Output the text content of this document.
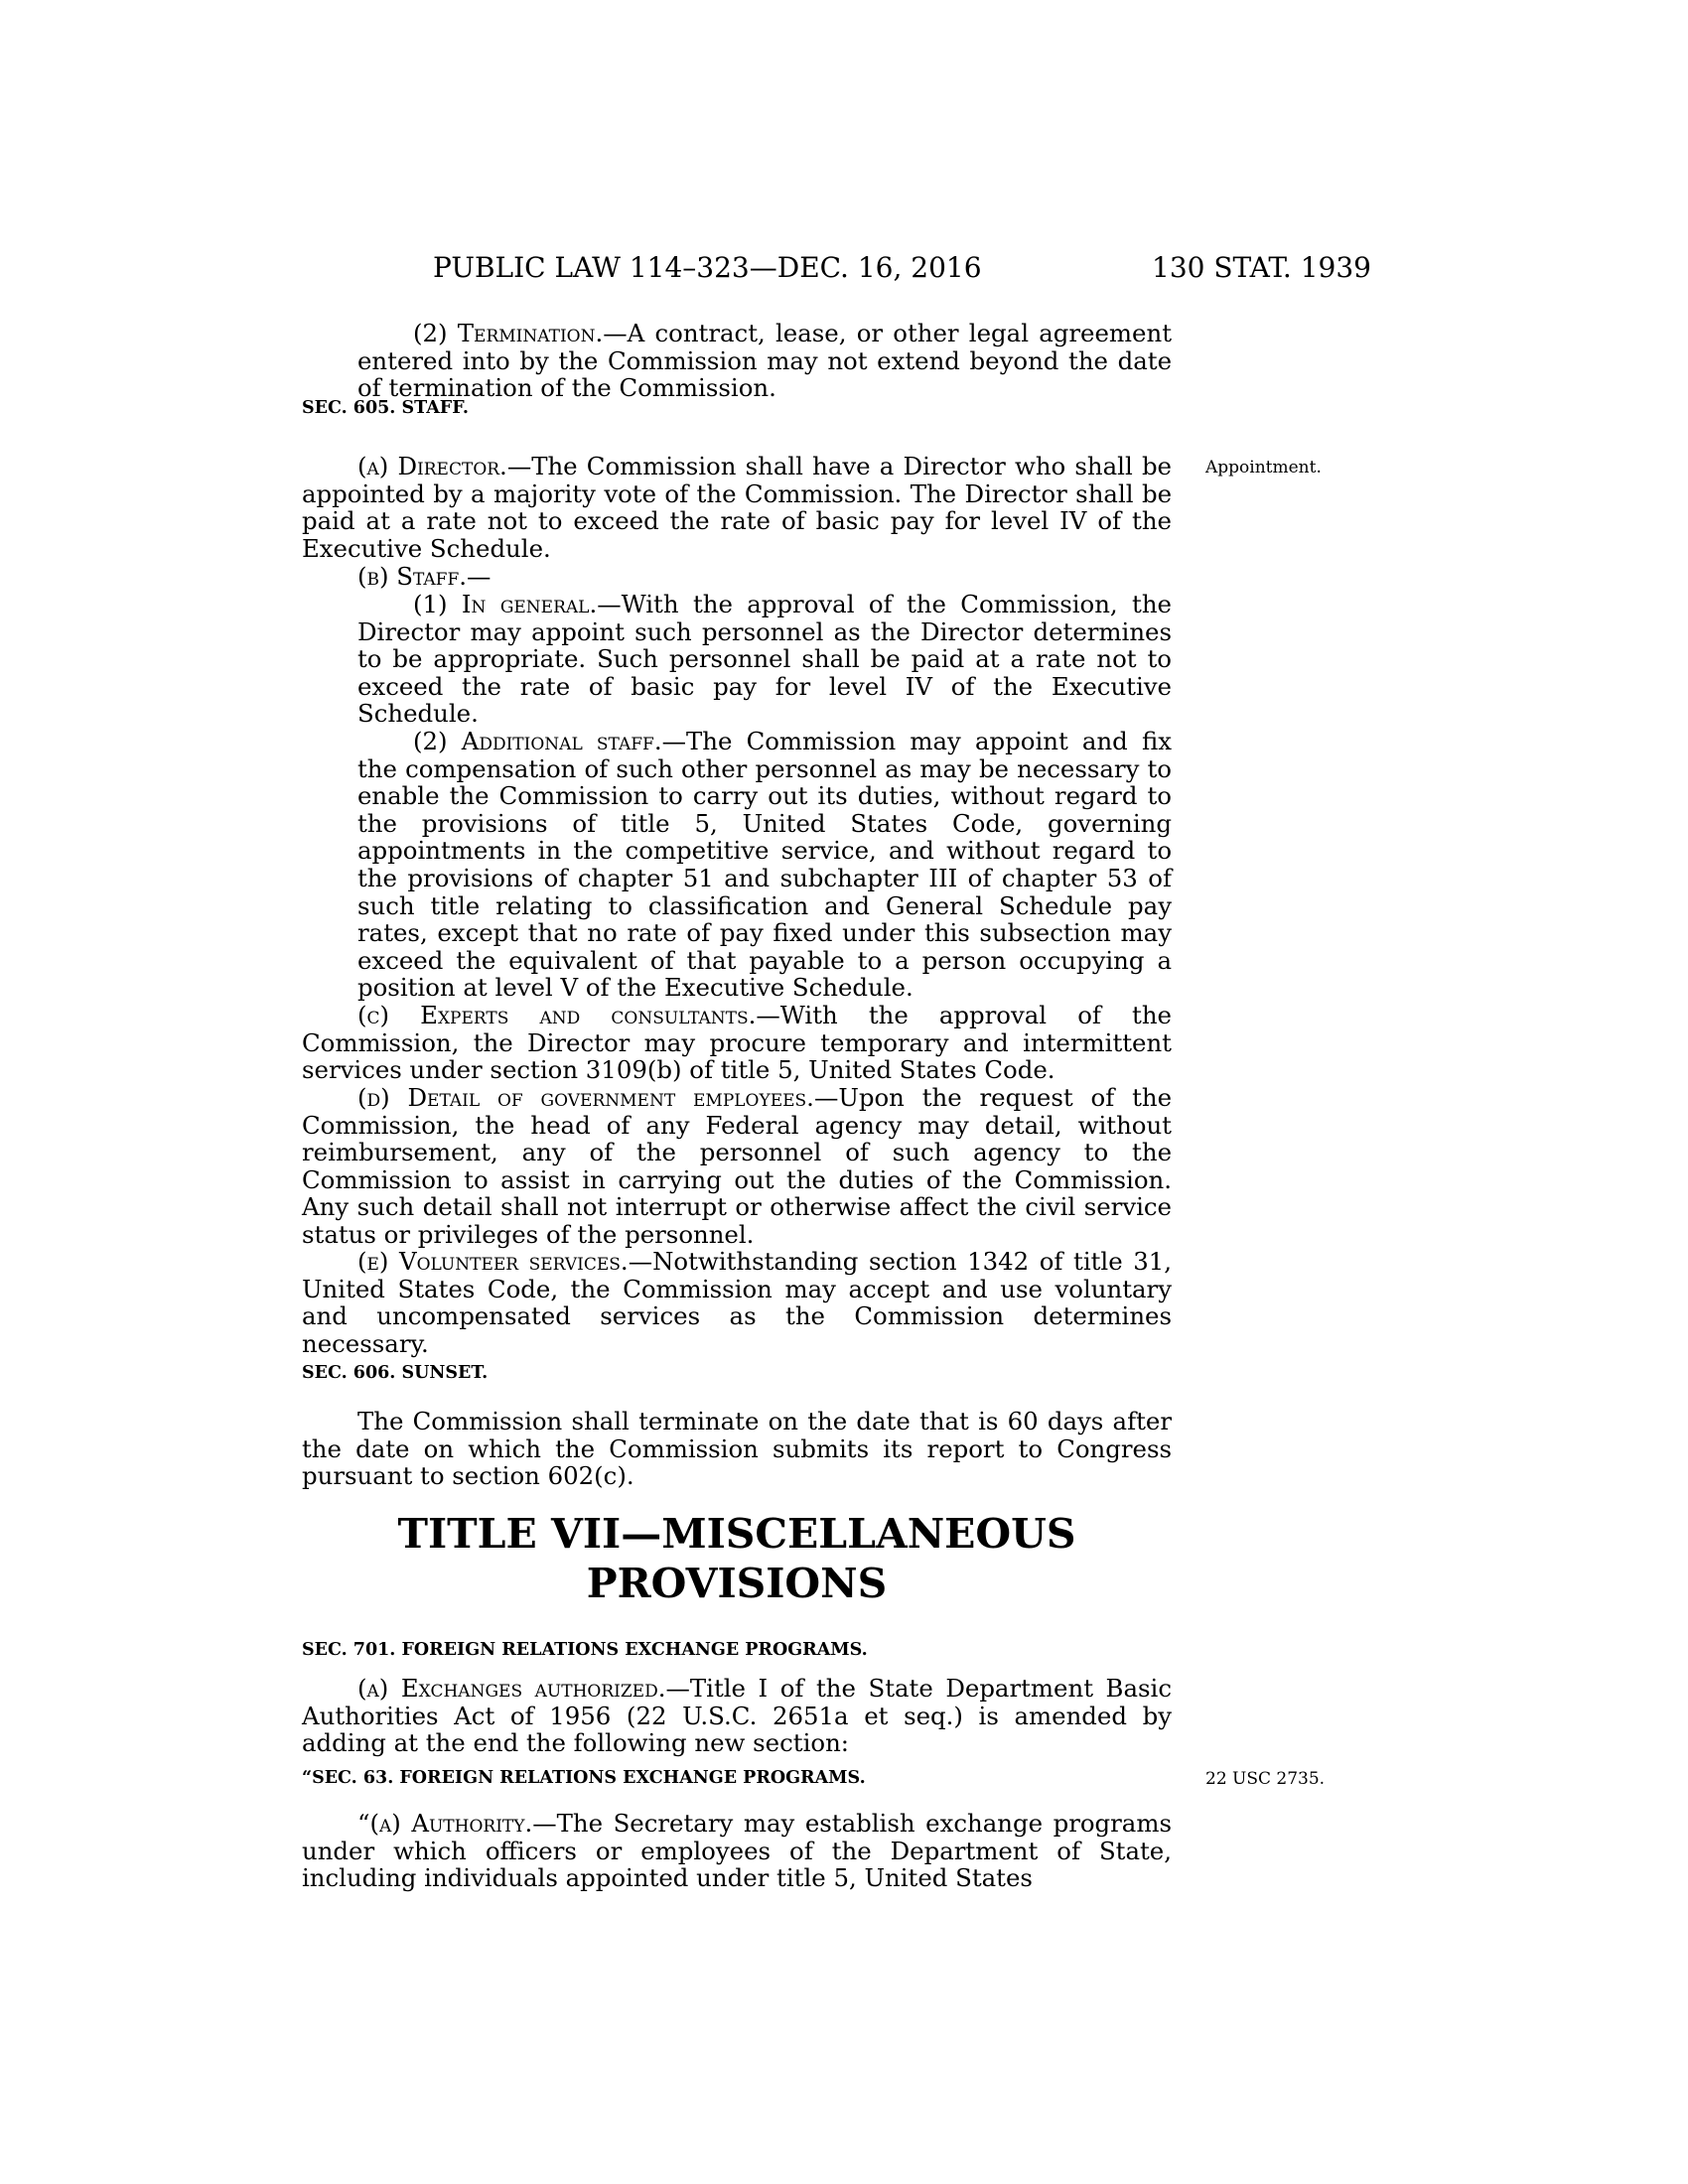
PUBLIC LAW 114–323—DEC. 16, 2016	130 STAT. 1939
(2) Termination.—A contract, lease, or other legal agreement entered into by the Commission may not extend beyond the date of termination of the Commission.
SEC. 605. STAFF.
Appointment.
(a) Director.—The Commission shall have a Director who shall be appointed by a majority vote of the Commission. The Director shall be paid at a rate not to exceed the rate of basic pay for level IV of the Executive Schedule.
(b) Staff.—
(1) In general.—With the approval of the Commission, the Director may appoint such personnel as the Director determines to be appropriate. Such personnel shall be paid at a rate not to exceed the rate of basic pay for level IV of the Executive Schedule.
(2) Additional staff.—The Commission may appoint and fix the compensation of such other personnel as may be necessary to enable the Commission to carry out its duties, without regard to the provisions of title 5, United States Code, governing appointments in the competitive service, and without regard to the provisions of chapter 51 and subchapter III of chapter 53 of such title relating to classification and General Schedule pay rates, except that no rate of pay fixed under this subsection may exceed the equivalent of that payable to a person occupying a position at level V of the Executive Schedule.
(c) Experts and consultants.—With the approval of the Commission, the Director may procure temporary and intermittent services under section 3109(b) of title 5, United States Code.
(d) Detail of government employees.—Upon the request of the Commission, the head of any Federal agency may detail, without reimbursement, any of the personnel of such agency to the Commission to assist in carrying out the duties of the Commission. Any such detail shall not interrupt or otherwise affect the civil service status or privileges of the personnel.
(e) Volunteer services.—Notwithstanding section 1342 of title 31, United States Code, the Commission may accept and use voluntary and uncompensated services as the Commission determines necessary.
SEC. 606. SUNSET.
The Commission shall terminate on the date that is 60 days after the date on which the Commission submits its report to Congress pursuant to section 602(c).
TITLE VII—MISCELLANEOUS
PROVISIONS
SEC. 701. FOREIGN RELATIONS EXCHANGE PROGRAMS.
(a) Exchanges authorized.—Title I of the State Department Basic Authorities Act of 1956 (22 U.S.C. 2651a et seq.) is amended by adding at the end the following new section:
“SEC. 63. FOREIGN RELATIONS EXCHANGE PROGRAMS.	22 USC 2735.
“(a) Authority.—The Secretary may establish exchange programs under which officers or employees of the Department of State, including individuals appointed under title 5, United States
